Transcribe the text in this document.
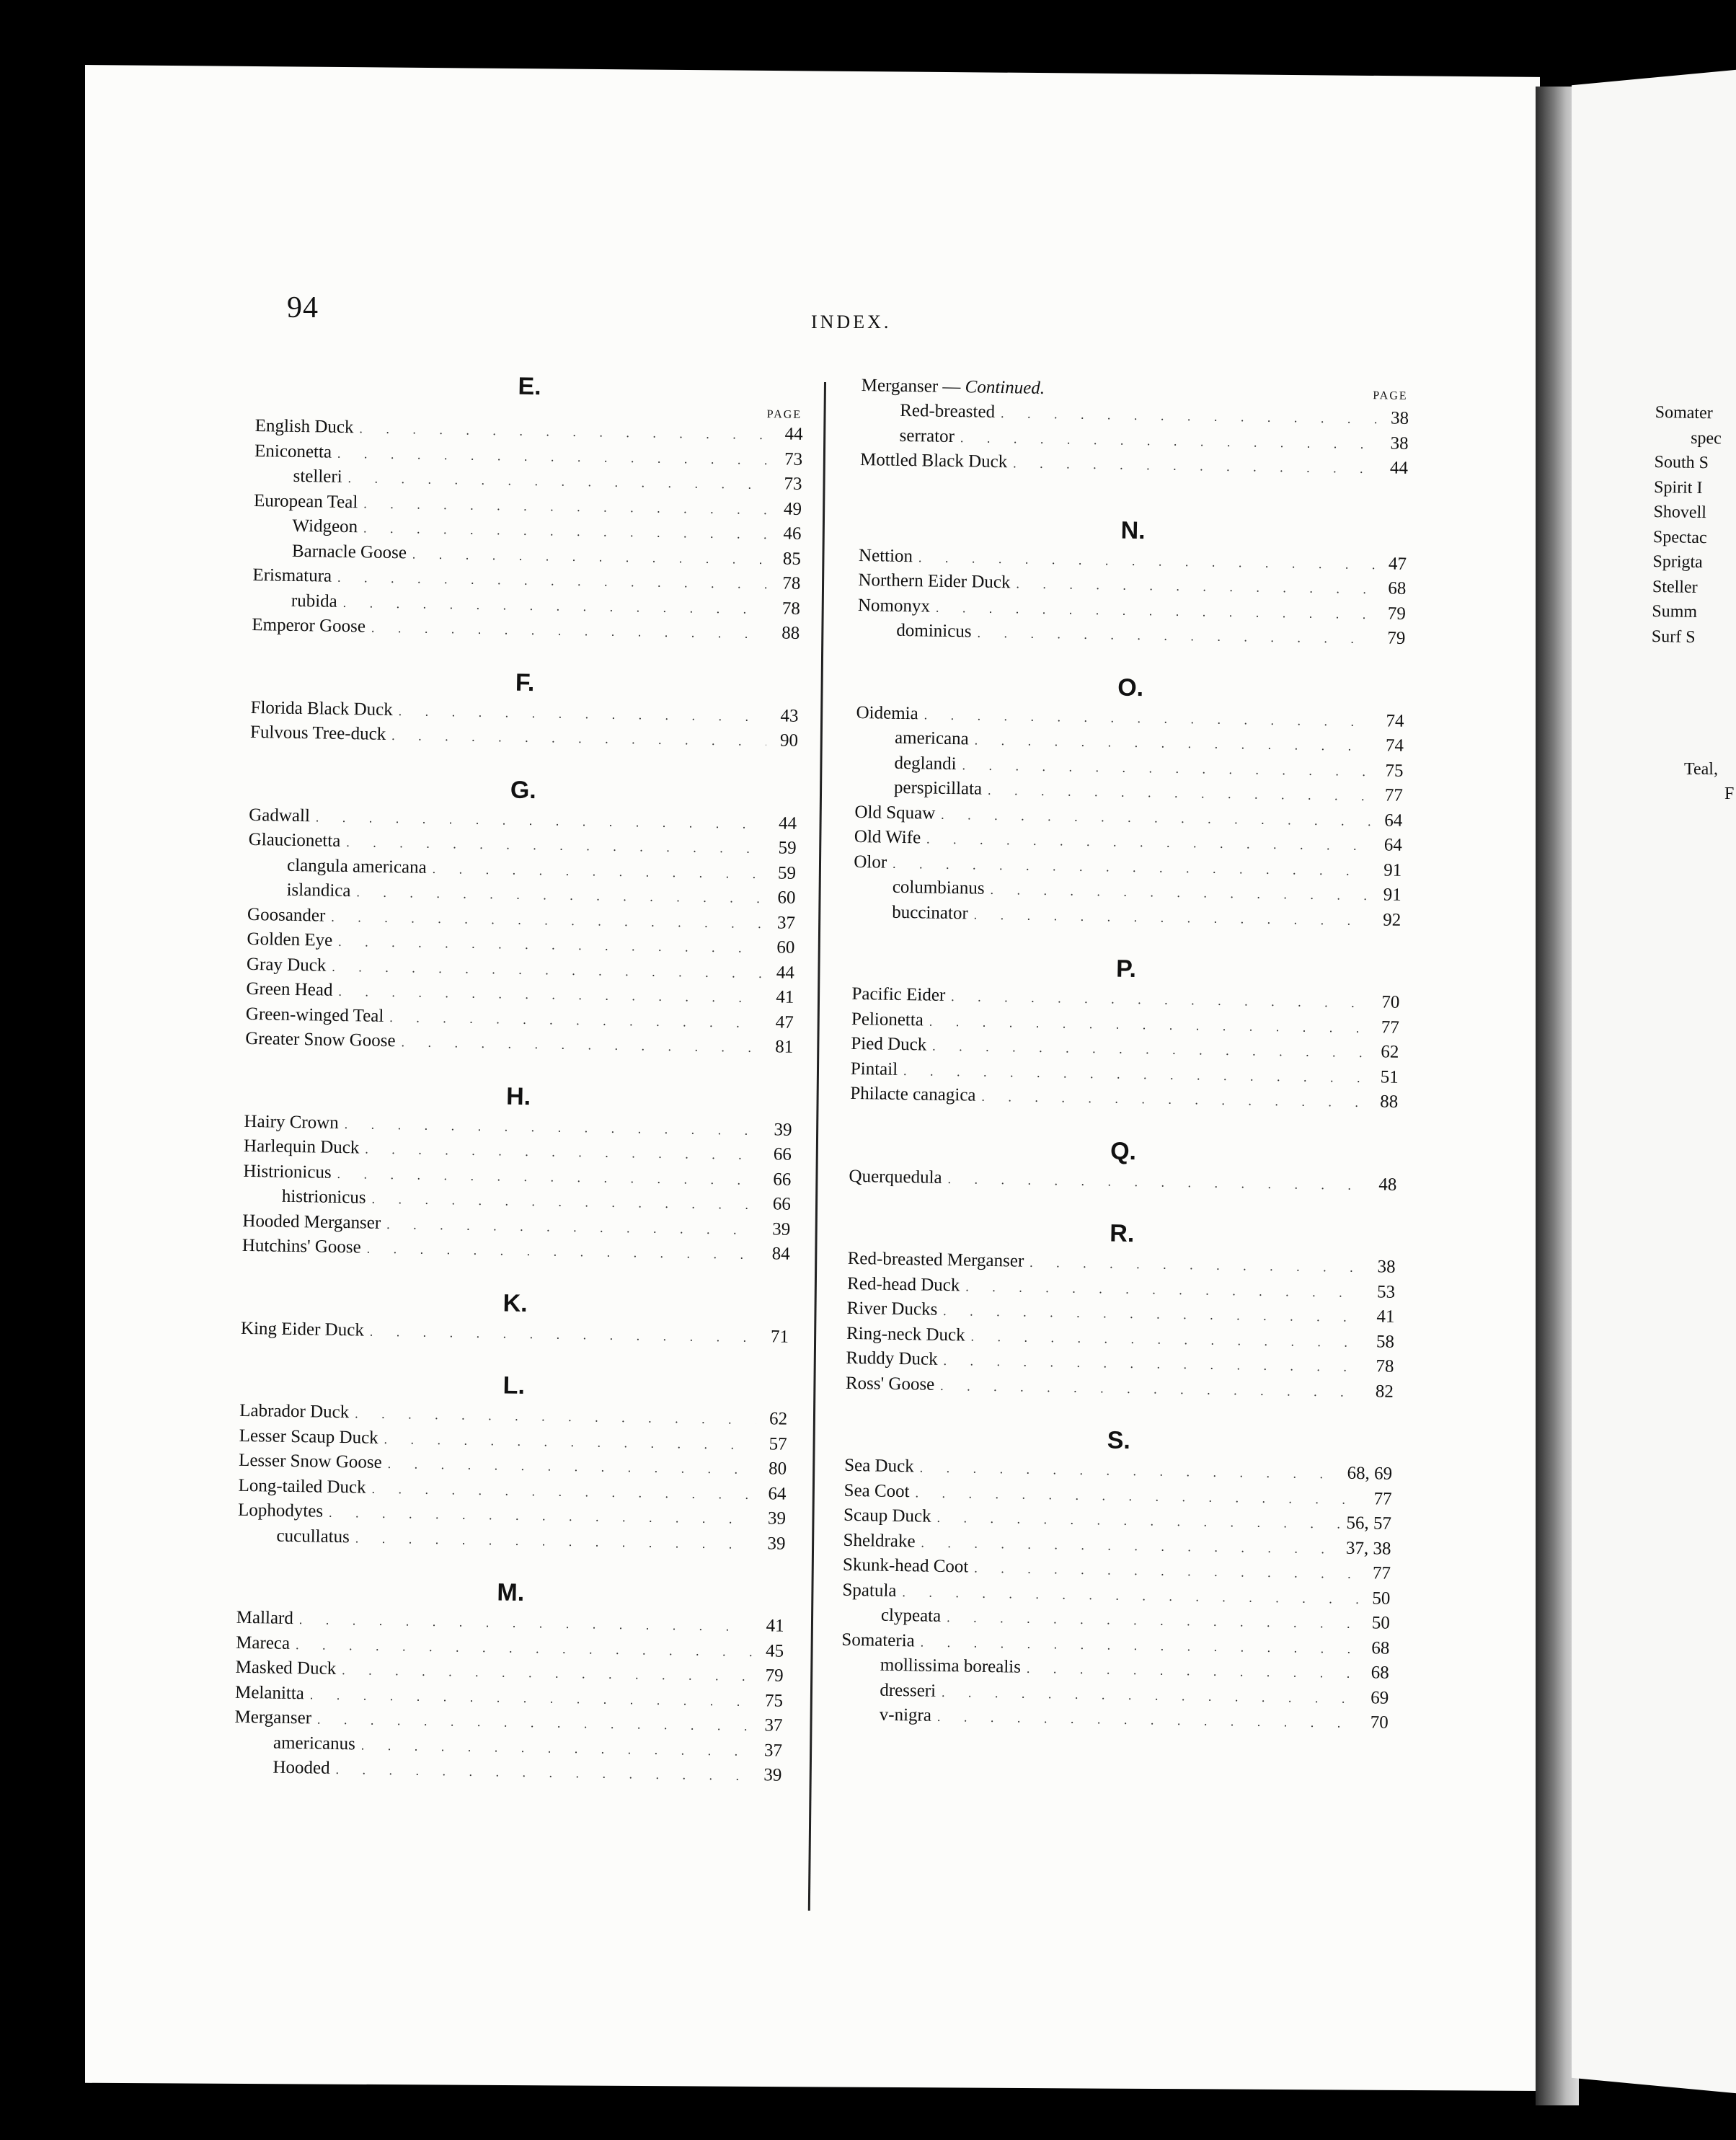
94	INDEX.
E.
PAGE
English Duck . . .	44
Eniconetta . . .	73
stelleri . . .	73
European Teal . . .	49
Widgeon . . .	46
Barnacle Goose . . .	85
Erismatura . . .	78
rubida . . .	78
Emperor Goose . . .	88
F.
Florida Black Duck . . .	43
Fulvous Tree-duck . . .	90
G.
Gadwall . . .	44
Glaucionetta . . .	59
clangula americana . . .	59
islandica . . .	60
Goosander . . .	37
Golden Eye . . .	60
Gray Duck . . .	44
Green Head . . .	41
Green-winged Teal . . .	47
Greater Snow Goose . . .	81
H.
Hairy Crown . . .	39
Harlequin Duck . . .	66
Histrionicus . . .	66
histrionicus . . .	66
Hooded Merganser . . .	39
Hutchins' Goose . . .	84
K.
King Eider Duck . . .	71
L.
Labrador Duck . . .	62
Lesser Scaup Duck . . .	57
Lesser Snow Goose . . .	80
Long-tailed Duck . . .	64
Lophodytes . . .	39
cucullatus . . .	39
M.
Mallard . . .	41
Mareca . . .	45
Masked Duck . . .	79
Melanitta . . .	75
Merganser . . .	37
americanus . . .	37
Hooded . . .	39
Merganser — Continued.	PAGE
Red-breasted . . .	38
serrator . . .	38
Mottled Black Duck . . .	44
N.
Nettion . . .	47
Northern Eider Duck . . .	68
Nomonyx . . .	79
dominicus . . .	79
O.
Oidemia . . .	74
americana . . .	74
deglandi . . .	75
perspicillata . . .	77
Old Squaw . . .	64
Old Wife . . .	64
Olor . . .	91
columbianus . . .	91
buccinator . . .	92
P.
Pacific Eider . . .	70
Pelionetta . . .	77
Pied Duck . . .	62
Pintail . . .	51
Philacte canagica . . .	88
Q.
Querquedula . . .	48
R.
Red-breasted Merganser . . .	38
Red-head Duck . . .	53
River Ducks . . .	41
Ring-neck Duck . . .	58
Ruddy Duck . . .	78
Ross' Goose . . .	82
S.
Sea Duck . . .	68, 69
Sea Coot . . .	77
Scaup Duck . . .	56, 57
Sheldrake . . .	37, 38
Skunk-head Coot . . .	77
Spatula . . .	50
clypeata . . .	50
Somateria . . .	68
mollissima borealis . . .	68
dresseri . . .	69
v-nigra . . .	70
Somater
spec
South S
Spirit I
Shovell
Spectac
Sprigta
Steller
Summ
Surf S
Teal,
F
